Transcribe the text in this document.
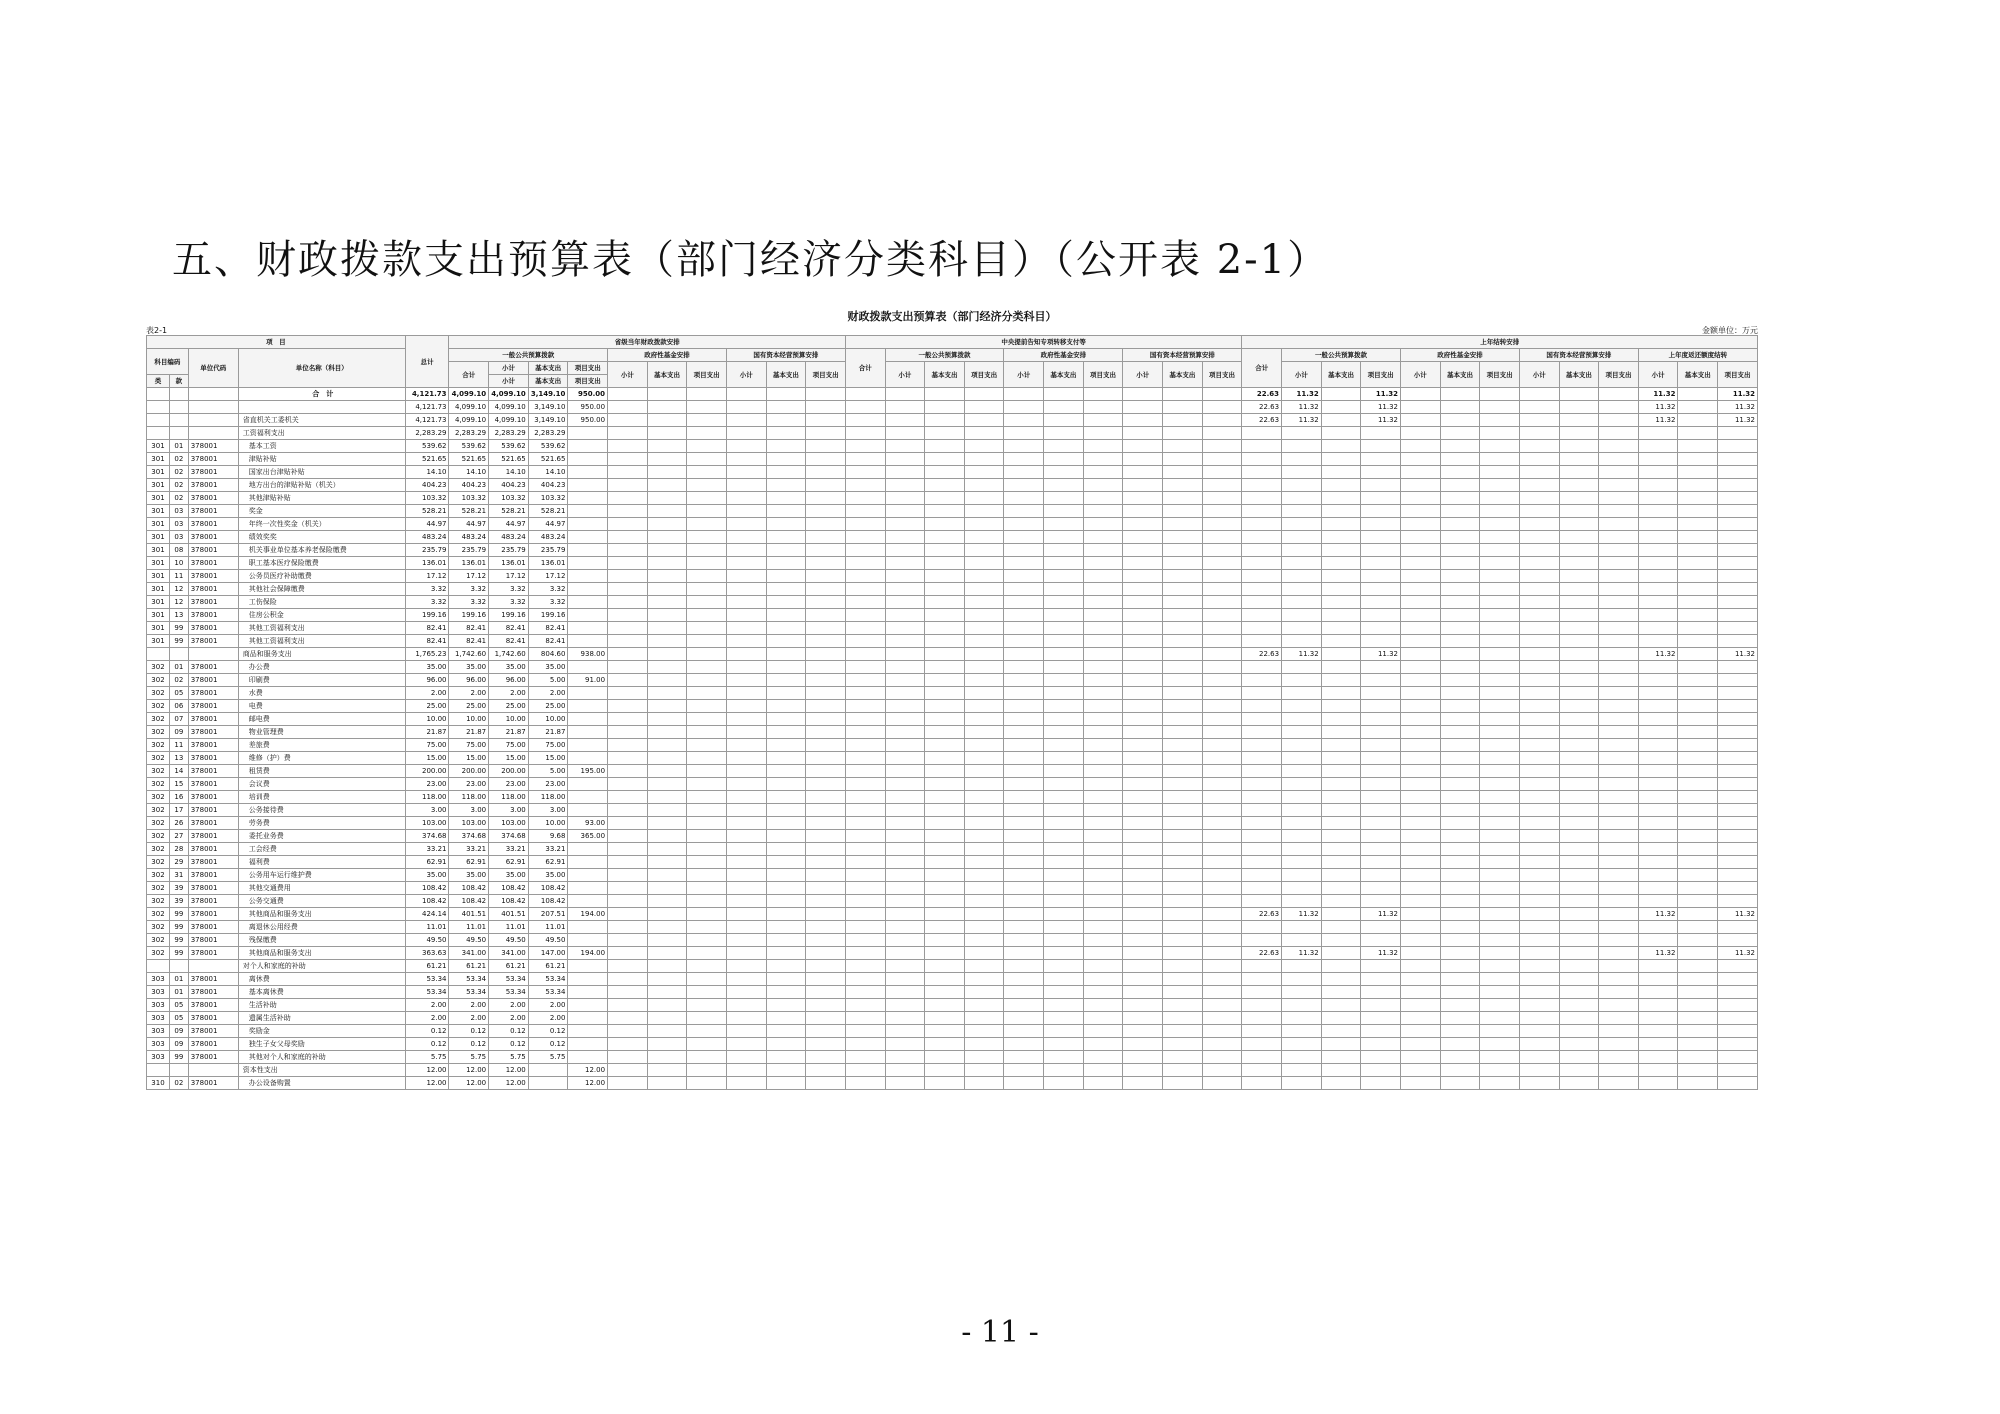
五、财政拨款支出预算表（部门经济分类科目）（公开表 2-1）
财政拨款支出预算表（部门经济分类科目）
表2-1	金额单位：万元
项　目				总计	省级当年财政拨款安排										中央提前告知专项转移支付等										上年结转安排												
科目编码		单位代码	单位名称（科目）		一般公共预算拨款				政府性基金安排			国有资本经营预算安排			合计	一般公共预算拨款			政府性基金安排			国有资本经营预算安排			合计	一般公共预算拨款			政府性基金安排			国有资本经营预算安排			上年度返还额度结转		
					合计	小计	基本支出	项目支出	小计	基本支出	项目支出	小计	基本支出	项目支出		小计	基本支出	项目支出	小计	基本支出	项目支出	小计	基本支出	项目支出		小计	基本支出	项目支出	小计	基本支出	项目支出	小计	基本支出	项目支出	小计	基本支出	项目支出
类	款					小计	基本支出	项目支出																													
			合　计	4,121.73	4,099.10	4,099.10	3,149.10	950.00																	22.63	11.32		11.32							11.32		11.32
				4,121.73	4,099.10	4,099.10	3,149.10	950.00																	22.63	11.32		11.32							11.32		11.32
			省直机关工委机关	4,121.73	4,099.10	4,099.10	3,149.10	950.00																	22.63	11.32		11.32							11.32		11.32
			工资福利支出	2,283.29	2,283.29	2,283.29	2,283.29																														
301	01	378001	基本工资	539.62	539.62	539.62	539.62																														
301	02	378001	津贴补贴	521.65	521.65	521.65	521.65																														
301	02	378001	国家出台津贴补贴	14.10	14.10	14.10	14.10																														
301	02	378001	地方出台的津贴补贴（机关）	404.23	404.23	404.23	404.23																														
301	02	378001	其他津贴补贴	103.32	103.32	103.32	103.32																														
301	03	378001	奖金	528.21	528.21	528.21	528.21																														
301	03	378001	年终一次性奖金（机关）	44.97	44.97	44.97	44.97																														
301	03	378001	绩效奖奖	483.24	483.24	483.24	483.24																														
301	08	378001	机关事业单位基本养老保险缴费	235.79	235.79	235.79	235.79																														
301	10	378001	职工基本医疗保险缴费	136.01	136.01	136.01	136.01																														
301	11	378001	公务员医疗补助缴费	17.12	17.12	17.12	17.12																														
301	12	378001	其他社会保障缴费	3.32	3.32	3.32	3.32																														
301	12	378001	工伤保险	3.32	3.32	3.32	3.32																														
301	13	378001	住房公积金	199.16	199.16	199.16	199.16																														
301	99	378001	其他工资福利支出	82.41	82.41	82.41	82.41																														
301	99	378001	其他工资福利支出	82.41	82.41	82.41	82.41																														
			商品和服务支出	1,765.23	1,742.60	1,742.60	804.60	938.00																	22.63	11.32		11.32							11.32		11.32
302	01	378001	办公费	35.00	35.00	35.00	35.00																														
302	02	378001	印刷费	96.00	96.00	96.00	5.00	91.00																													
302	05	378001	水费	2.00	2.00	2.00	2.00																														
302	06	378001	电费	25.00	25.00	25.00	25.00																														
302	07	378001	邮电费	10.00	10.00	10.00	10.00																														
302	09	378001	物业管理费	21.87	21.87	21.87	21.87																														
302	11	378001	差旅费	75.00	75.00	75.00	75.00																														
302	13	378001	维修（护）费	15.00	15.00	15.00	15.00																														
302	14	378001	租赁费	200.00	200.00	200.00	5.00	195.00																													
302	15	378001	会议费	23.00	23.00	23.00	23.00																														
302	16	378001	培训费	118.00	118.00	118.00	118.00																														
302	17	378001	公务接待费	3.00	3.00	3.00	3.00																														
302	26	378001	劳务费	103.00	103.00	103.00	10.00	93.00																													
302	27	378001	委托业务费	374.68	374.68	374.68	9.68	365.00																													
302	28	378001	工会经费	33.21	33.21	33.21	33.21																														
302	29	378001	福利费	62.91	62.91	62.91	62.91																														
302	31	378001	公务用车运行维护费	35.00	35.00	35.00	35.00																														
302	39	378001	其他交通费用	108.42	108.42	108.42	108.42																														
302	39	378001	公务交通费	108.42	108.42	108.42	108.42																														
302	99	378001	其他商品和服务支出	424.14	401.51	401.51	207.51	194.00																	22.63	11.32		11.32							11.32		11.32
302	99	378001	离退休公用经费	11.01	11.01	11.01	11.01																														
302	99	378001	残保缴费	49.50	49.50	49.50	49.50																														
302	99	378001	其他商品和服务支出	363.63	341.00	341.00	147.00	194.00																	22.63	11.32		11.32							11.32		11.32
			对个人和家庭的补助	61.21	61.21	61.21	61.21																														
303	01	378001	离休费	53.34	53.34	53.34	53.34																														
303	01	378001	基本离休费	53.34	53.34	53.34	53.34																														
303	05	378001	生活补助	2.00	2.00	2.00	2.00																														
303	05	378001	遗属生活补助	2.00	2.00	2.00	2.00																														
303	09	378001	奖励金	0.12	0.12	0.12	0.12																														
303	09	378001	独生子女父母奖励	0.12	0.12	0.12	0.12																														
303	99	378001	其他对个人和家庭的补助	5.75	5.75	5.75	5.75																														
			资本性支出	12.00	12.00	12.00		12.00																													
310	02	378001	办公设备购置	12.00	12.00	12.00		12.00																													
- 11 -
